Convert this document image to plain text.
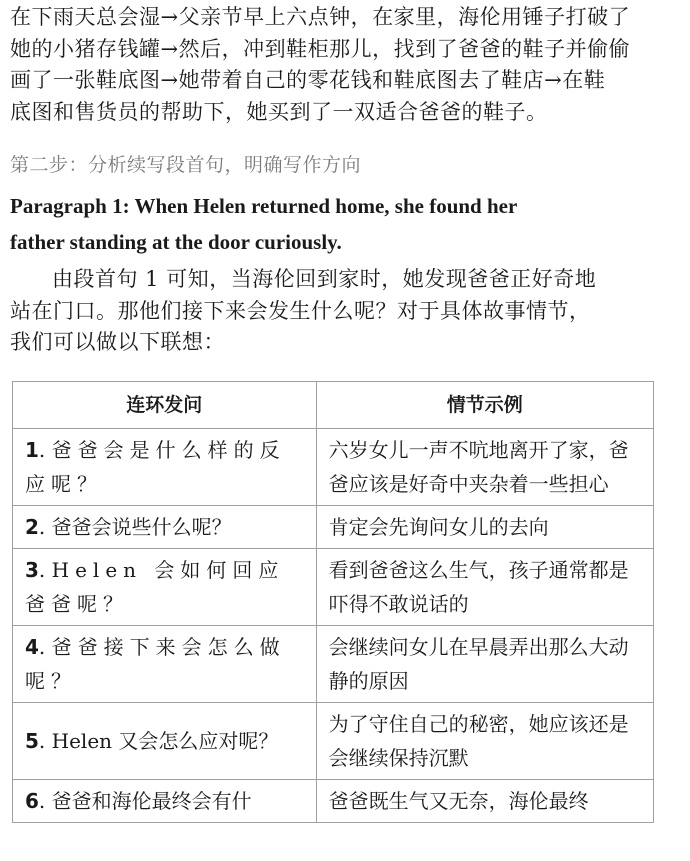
在下雨天总会湿→父亲节早上六点钟，在家里，海伦用锤子打破了
她的小猪存钱罐→然后，冲到鞋柜那儿，找到了爸爸的鞋子并偷偷
画了一张鞋底图→她带着自己的零花钱和鞋底图去了鞋店→在鞋
底图和售货员的帮助下，她买到了一双适合爸爸的鞋子。

第二步：分析续写段首句，明确写作方向

Paragraph 1: When Helen returned home, she found her
father standing at the door curiously.
由段首句 1 可知，当海伦回到家时，她发现爸爸正好奇地
站在门口。那他们接下来会发生什么呢？对于具体故事情节，
我们可以做以下联想：
连环发问	情节示例
1. 爸爸会是什么样的反应呢？	六岁女儿一声不吭地离开了家，爸爸应该是好奇中夹杂着一些担心
2. 爸爸会说些什么呢？	肯定会先询问女儿的去向
3. Helen 会如何回应爸爸呢？	看到爸爸这么生气，孩子通常都是吓得不敢说话的
4. 爸爸接下来会怎么做呢？	会继续问女儿在早晨弄出那么大动静的原因
5. Helen 又会怎么应对呢？	为了守住自己的秘密，她应该还是会继续保持沉默
6. 爸爸和海伦最终会有什	爸爸既生气又无奈，海伦最终
